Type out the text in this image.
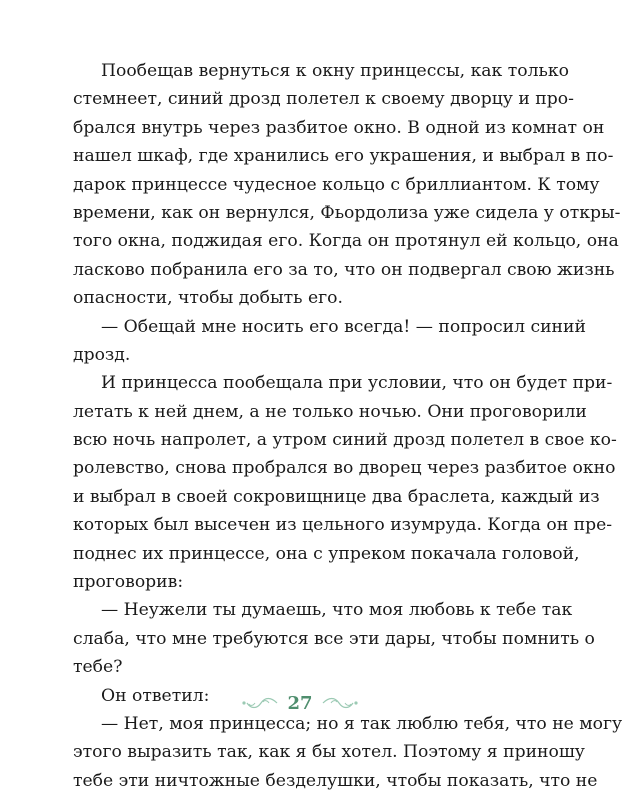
Пообещав вернуться к окну принцессы, как только
стемнеет, синий дрозд полетел к своему дворцу и про-
брался внутрь через разбитое окно. В одной из комнат он
нашел шкаф, где хранились его украшения, и выбрал в по-
дарок принцессе чудесное кольцо с бриллиантом. К тому
времени, как он вернулся, Фьордолиза уже сидела у откры-
того окна, поджидая его. Когда он протянул ей кольцо, она
ласково побранила его за то, что он подвергал свою жизнь
опасности, чтобы добыть его.
— Обещай мне носить его всегда! — попросил синий
дрозд.
И принцесса пообещала при условии, что он будет при-
летать к ней днем, а не только ночью. Они проговорили
всю ночь напролет, а утром синий дрозд полетел в свое ко-
ролевство, снова пробрался во дворец через разбитое окно
и выбрал в своей сокровищнице два браслета, каждый из
которых был высечен из цельного изумруда. Когда он пре-
поднес их принцессе, она с упреком покачала головой,
проговорив:
— Неужели ты думаешь, что моя любовь к тебе так
слаба, что мне требуются все эти дары, чтобы помнить о
тебе?
Он ответил:
— Нет, моя принцесса; но я так люблю тебя, что не могу
этого выразить так, как я бы хотел. Поэтому я приношу
тебе эти ничтожные безделушки, чтобы показать, что не
27
